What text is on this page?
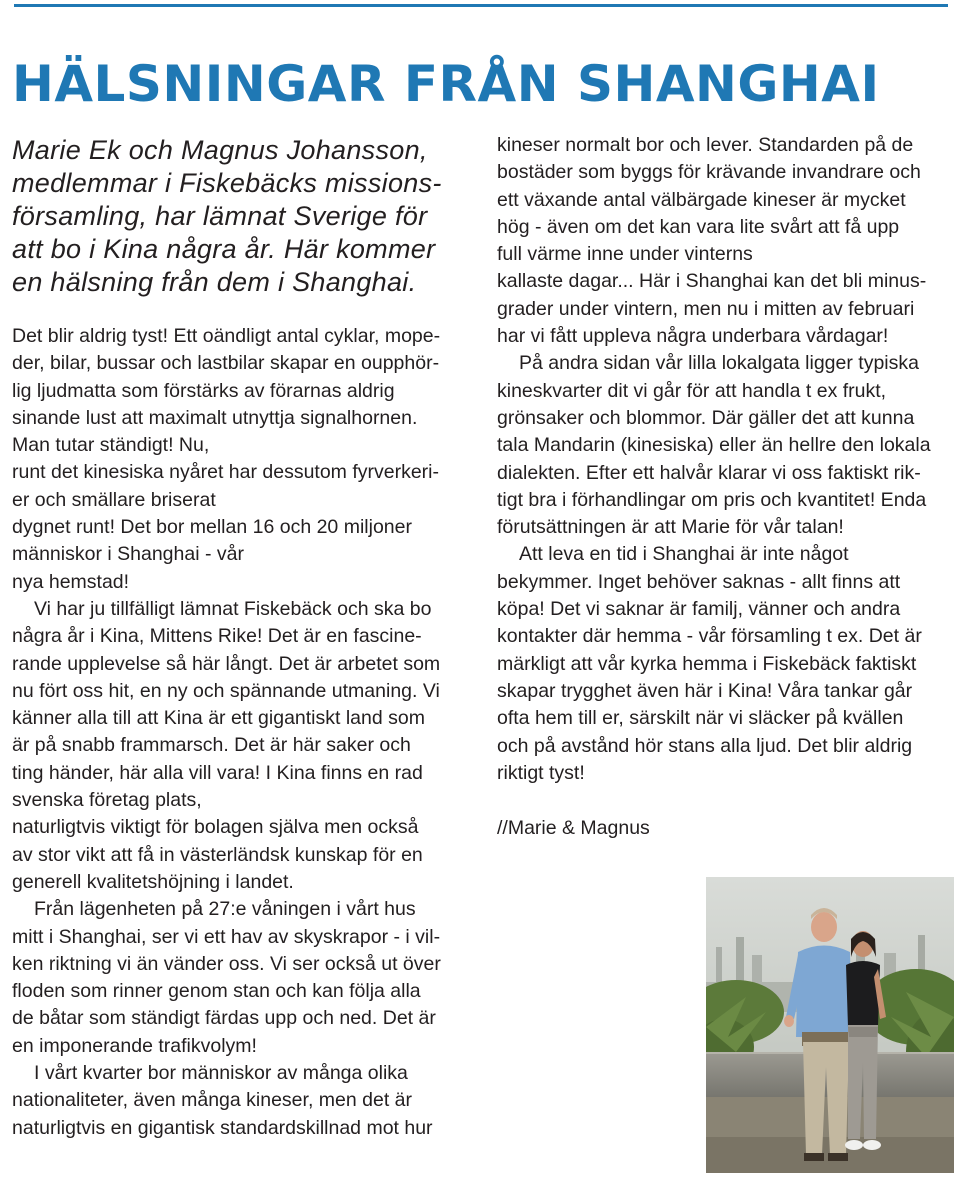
HÄLSNINGAR FRÅN SHANGHAI
Marie Ek och Magnus Johansson,
medlemmar i Fiskebäcks missions-
församling, har lämnat Sverige för
att bo i Kina några år. Här kommer
en hälsning från dem i Shanghai.

Det blir aldrig tyst! Ett oändligt antal cyklar, mope-

der, bilar, bussar och lastbilar skapar en oupphör-

lig ljudmatta som förstärks av förarnas aldrig

sinande lust att maximalt utnyttja signalhornen.

Man tutar ständigt! Nu,

runt det kinesiska nyåret har dessutom fyrverkeri-

er och smällare briserat

dygnet runt! Det bor mellan 16 och 20 miljoner

människor i Shanghai - vår

nya hemstad!

Vi har ju tillfälligt lämnat Fiskebäck och ska bo

några år i Kina, Mittens Rike! Det är en fascine-

rande upplevelse så här långt. Det är arbetet som

nu fört oss hit, en ny och spännande utmaning. Vi

känner alla till att Kina är ett gigantiskt land som

är på snabb frammarsch. Det är här saker och

ting händer, här alla vill vara! I Kina finns en rad

svenska företag plats,

naturligtvis viktigt för bolagen själva men också

av stor vikt att få in västerländsk kunskap för en

generell kvalitetshöjning i landet.

Från lägenheten på 27:e våningen i vårt hus

mitt i Shanghai, ser vi ett hav av skyskrapor - i vil-

ken riktning vi än vänder oss. Vi ser också ut över

floden som rinner genom stan och kan följa alla

de båtar som ständigt färdas upp och ned. Det är

en imponerande trafikvolym!

I vårt kvarter bor människor av många olika

nationaliteter, även många kineser, men det är

naturligtvis en gigantisk standardskillnad mot hur

kineser normalt bor och lever. Standarden på de

bostäder som byggs för krävande invandrare och

ett växande antal välbärgade kineser är mycket

hög - även om det kan vara lite svårt att få upp

full värme inne under vinterns

kallaste dagar... Här i Shanghai kan det bli minus-

grader under vintern, men nu i mitten av februari

har vi fått uppleva några underbara vårdagar!

På andra sidan vår lilla lokalgata ligger typiska

kineskvarter dit vi går för att handla t ex frukt,

grönsaker och blommor. Där gäller det att kunna

tala Mandarin (kinesiska) eller än hellre den lokala

dialekten. Efter ett halvår klarar vi oss faktiskt rik-

tigt bra i förhandlingar om pris och kvantitet! Enda

förutsättningen är att Marie för vår talan!

Att leva en tid i Shanghai är inte något

bekymmer. Inget behöver saknas - allt finns att

köpa! Det vi saknar är familj, vänner och andra

kontakter där hemma - vår församling t ex. Det är

märkligt att vår kyrka hemma i Fiskebäck faktiskt

skapar trygghet även här i Kina! Våra tankar går

ofta hem till er, särskilt när vi släcker på kvällen

och på avstånd hör stans alla ljud. Det blir aldrig

riktigt tyst!

//Marie & Magnus
